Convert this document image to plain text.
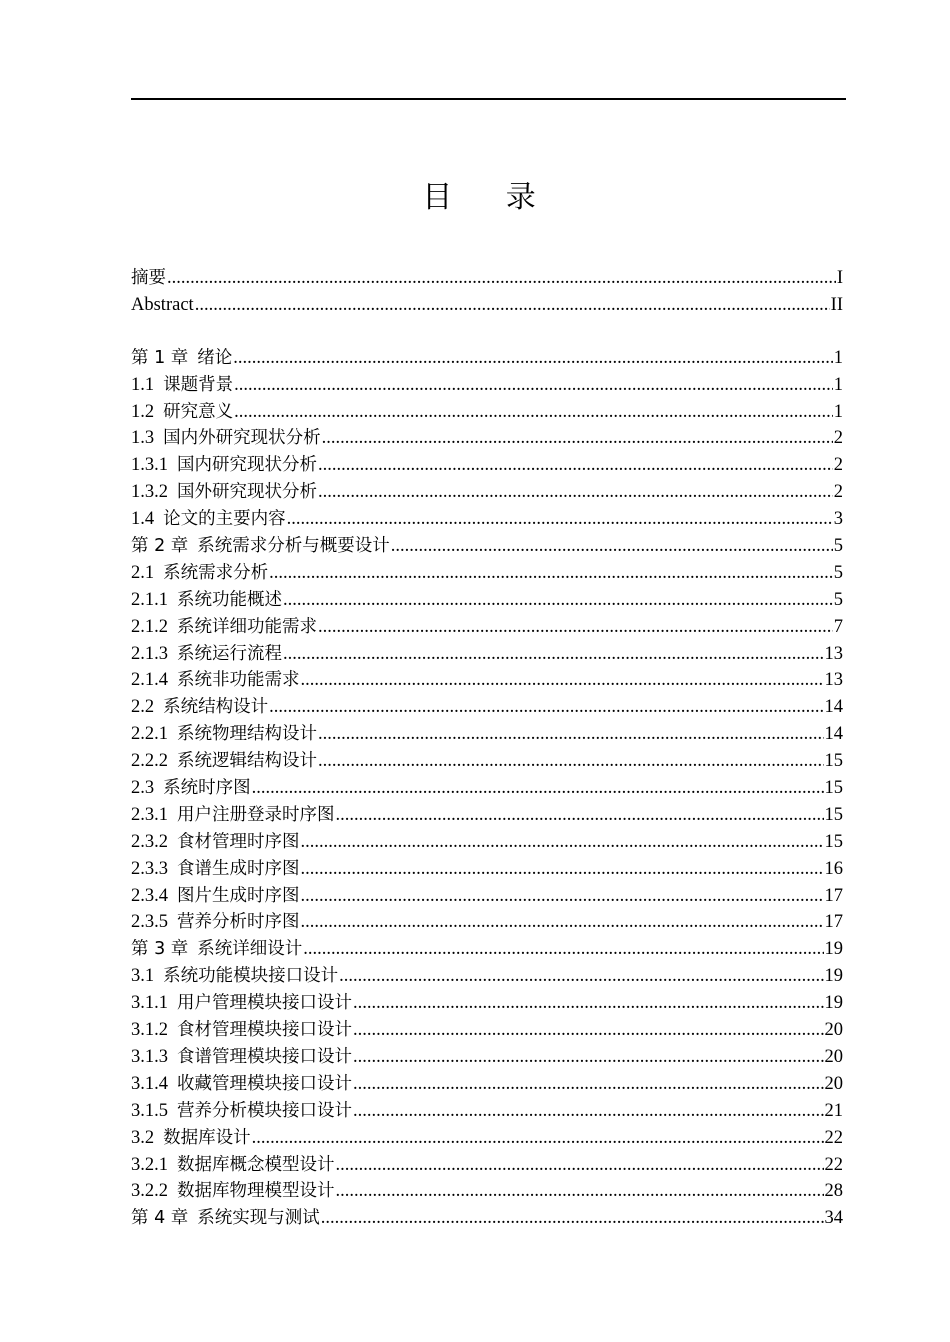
目 录
摘要 .....	I
Abstract .....	II
第 1 章 绪论 .....	1
1.1 课题背景 .....	1
1.2 研究意义 .....	1
1.3 国内外研究现状分析 .....	2
1.3.1 国内研究现状分析 .....	2
1.3.2 国外研究现状分析 .....	2
1.4 论文的主要内容 .....	3
第 2 章 系统需求分析与概要设计 .....	5
2.1 系统需求分析 .....	5
2.1.1 系统功能概述 .....	5
2.1.2 系统详细功能需求 .....	7
2.1.3 系统运行流程 .....	13
2.1.4 系统非功能需求 .....	13
2.2 系统结构设计 .....	14
2.2.1 系统物理结构设计 .....	14
2.2.2 系统逻辑结构设计 .....	15
2.3 系统时序图 .....	15
2.3.1 用户注册登录时序图 .....	15
2.3.2 食材管理时序图 .....	15
2.3.3 食谱生成时序图 .....	16
2.3.4 图片生成时序图 .....	17
2.3.5 营养分析时序图 .....	17
第 3 章 系统详细设计 .....	19
3.1 系统功能模块接口设计 .....	19
3.1.1 用户管理模块接口设计 .....	19
3.1.2 食材管理模块接口设计 .....	20
3.1.3 食谱管理模块接口设计 .....	20
3.1.4 收藏管理模块接口设计 .....	20
3.1.5 营养分析模块接口设计 .....	21
3.2 数据库设计 .....	22
3.2.1 数据库概念模型设计 .....	22
3.2.2 数据库物理模型设计 .....	28
第 4 章 系统实现与测试 .....	34
